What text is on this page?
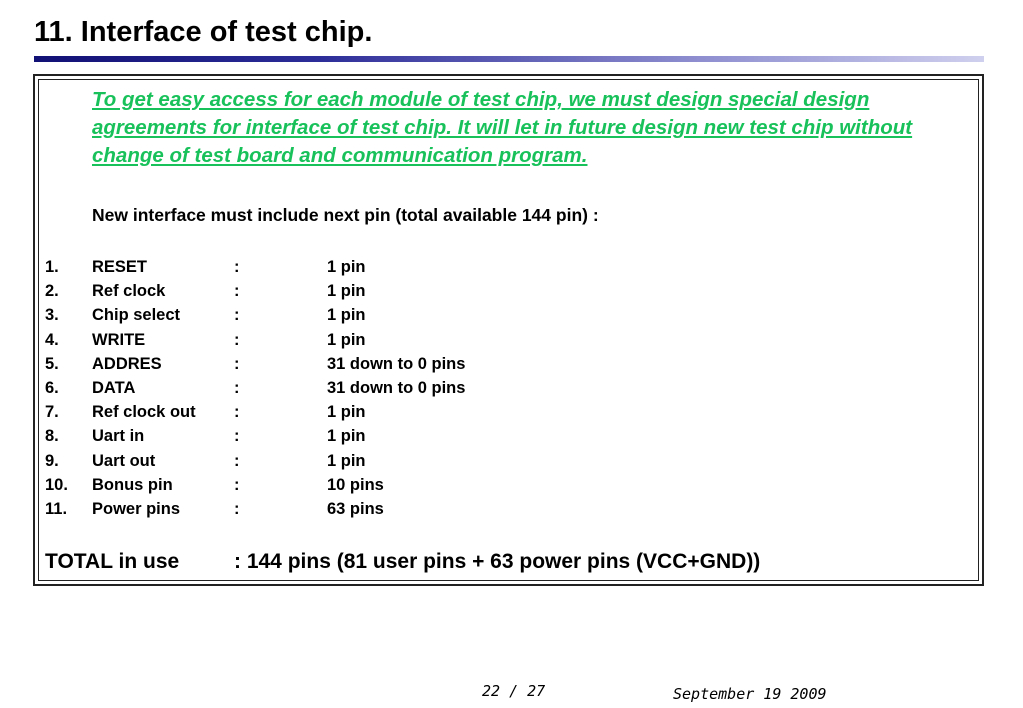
11. Interface of test chip.
To get easy access for each module of test chip, we must design special design agreements for interface of test chip. It will let in future design new test chip without change of test board and communication program.
New interface must include next pin (total available 144 pin) :
1. RESET	:	1 pin
2. Ref clock	:	1 pin
3. Chip select	:	1 pin
4. WRITE	:	1 pin
5. ADDRES	:	31 down to 0 pins
6. DATA	:	31 down to 0 pins
7. Ref clock out :	1 pin
8. Uart in	:	1 pin
9. Uart out	:	1 pin
10. Bonus pin	:	10 pins
11. Power pins	:	63 pins
TOTAL in use	: 144 pins (81 user pins + 63 power pins (VCC+GND))
22 / 27	September 19 2009
